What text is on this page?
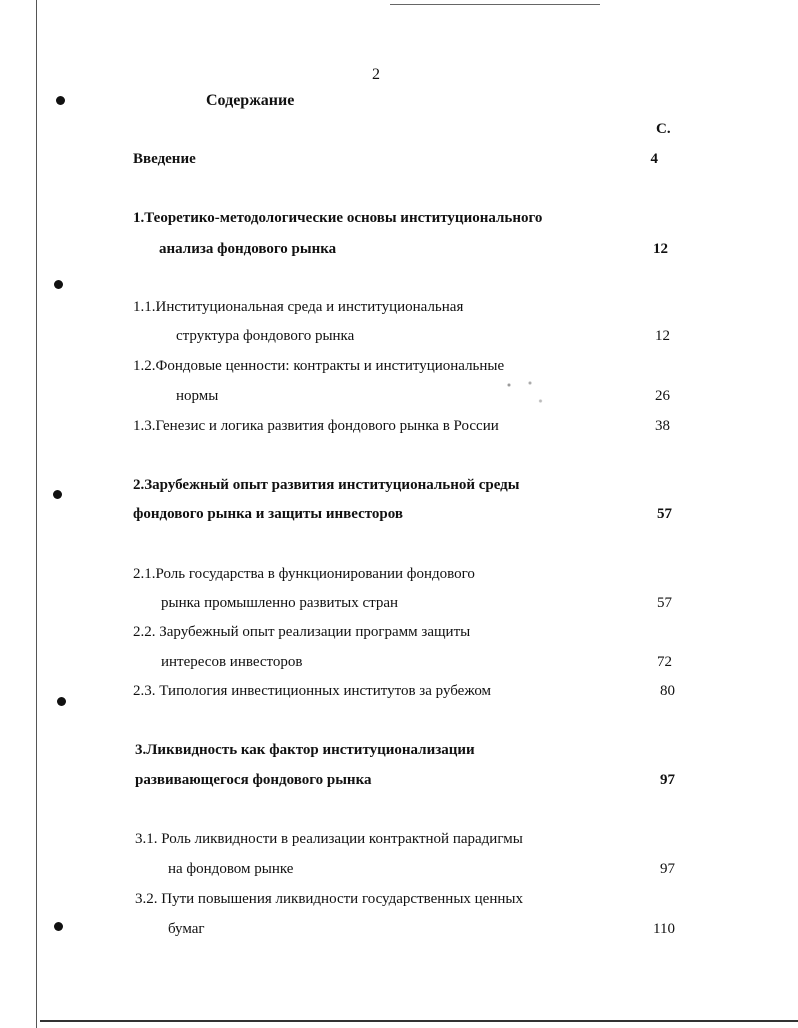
2
Содержание
С.
Введение	4
1.Теоретико-методологические основы институционального
анализа фондового рынка	12
1.1.Институциональная среда и институциональная
структура фондового рынка	12
1.2.Фондовые ценности: контракты и институциональные
нормы	26
1.3.Генезис и логика развития фондового рынка в России	38
2.Зарубежный опыт развития институциональной среды
фондового рынка и защиты инвесторов	57
2.1.Роль государства в функционировании фондового
рынка промышленно развитых стран	57
2.2. Зарубежный опыт реализации программ защиты
интересов инвесторов	72
2.3. Типология инвестиционных институтов за рубежом	80
3.Ликвидность как фактор институционализации
развивающегося фондового рынка	97
3.1. Роль ликвидности в реализации контрактной парадигмы
на фондовом рынке	97
3.2. Пути повышения ликвидности государственных ценных
бумаг	110
